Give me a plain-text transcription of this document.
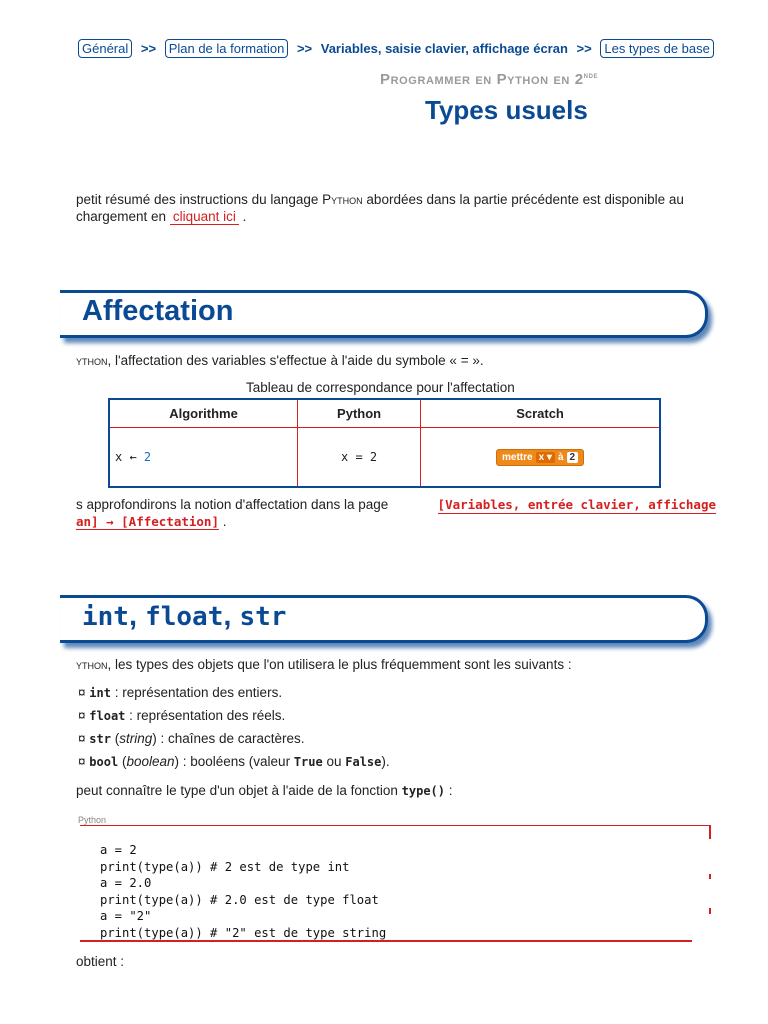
Général >> Plan de la formation >> Variables, saisie clavier, affichage écran >> Les types de base
Programmer en Python en 2nde
Types usuels
petit résumé des instructions du langage Python abordées dans la partie précédente est disponible au
chargement en cliquant ici .
Affectation
ython, l'affectation des variables s'effectue à l'aide du symbole « = ».
Tableau de correspondance pour l'affectation
Algorithme	Python	Scratch
x ← 2	x = 2	mettre x ▾ à 2
s approfondirons la notion d'affectation dans la page	[Variables, entrée clavier, affichage

an] → [Affectation] .
int, float, str
ython, les types des objets que l'on utilisera le plus fréquemment sont les suivants :
¤ int : représentation des entiers.
¤ float : représentation des réels.
¤ str (string) : chaînes de caractères.
¤ bool (boolean) : booléens (valeur True ou False).
peut connaître le type d'un objet à l'aide de la fonction type() :
Python
a = 2
print(type(a)) # 2 est de type int
a = 2.0
print(type(a)) # 2.0 est de type float
a = "2"
print(type(a)) # "2" est de type string
obtient :
